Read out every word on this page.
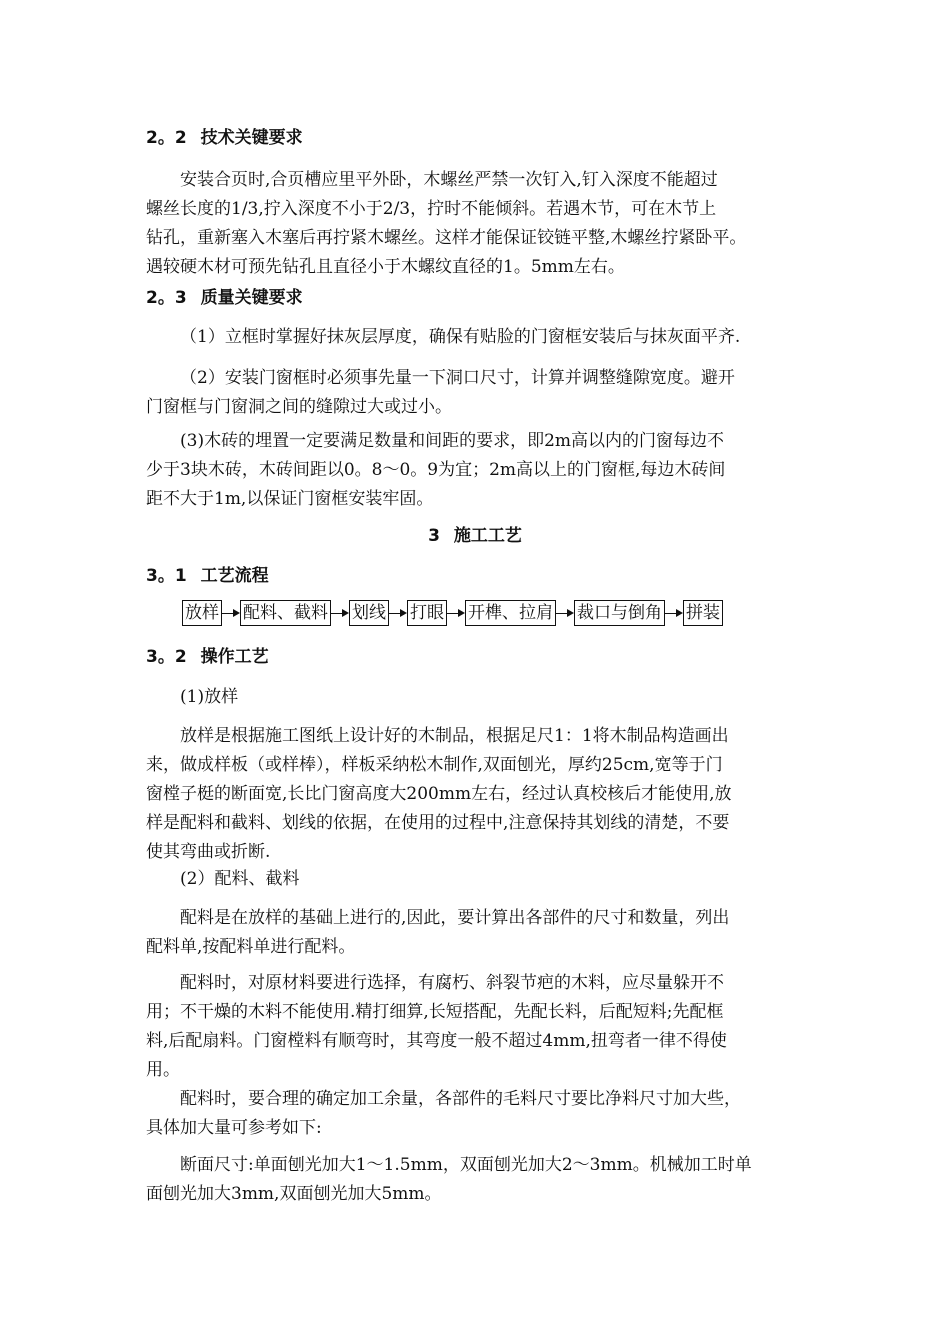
2。2 技术关键要求
安装合页时,合页槽应里平外卧，木螺丝严禁一次钉入,钉入深度不能超过
螺丝长度的1/3,拧入深度不小于2/3，拧时不能倾斜。若遇木节，可在木节上
钻孔，重新塞入木塞后再拧紧木螺丝。这样才能保证铰链平整,木螺丝拧紧卧平。
遇较硬木材可预先钻孔且直径小于木螺纹直径的1。5mm左右。
2。3 质量关键要求
（1）立框时掌握好抹灰层厚度，确保有贴脸的门窗框安装后与抹灰面平齐.
（2）安装门窗框时必须事先量一下洞口尺寸，计算并调整缝隙宽度。避开
门窗框与门窗洞之间的缝隙过大或过小。
(3)木砖的埋置一定要满足数量和间距的要求，即2m高以内的门窗每边不
少于3块木砖，木砖间距以0。8～0。9为宜；2m高以上的门窗框,每边木砖间
距不大于1m,以保证门窗框安装牢固。
3 施工工艺
3。1 工艺流程
放样 配料、截料 划线 打眼 开榫、拉肩 裁口与倒角 拼装
3。2 操作工艺
(1)放样
放样是根据施工图纸上设计好的木制品，根据足尺1：1将木制品构造画出
来，做成样板（或样棒），样板采纳松木制作,双面刨光，厚约25cm,宽等于门
窗樘子梃的断面宽,长比门窗高度大200mm左右，经过认真校核后才能使用,放
样是配料和截料、划线的依据，在使用的过程中,注意保持其划线的清楚，不要
使其弯曲或折断.
(2）配料、截料
配料是在放样的基础上进行的,因此，要计算出各部件的尺寸和数量，列出
配料单,按配料单进行配料。
配料时，对原材料要进行选择，有腐朽、斜裂节疤的木料，应尽量躲开不
用；不干燥的木料不能使用.精打细算,长短搭配，先配长料，后配短料;先配框
料,后配扇料。门窗樘料有顺弯时，其弯度一般不超过4mm,扭弯者一律不得使
用。
配料时，要合理的确定加工余量，各部件的毛料尺寸要比净料尺寸加大些，
具体加大量可参考如下:
断面尺寸:单面刨光加大1～1.5mm，双面刨光加大2～3mm。机械加工时单
面刨光加大3mm,双面刨光加大5mm。
